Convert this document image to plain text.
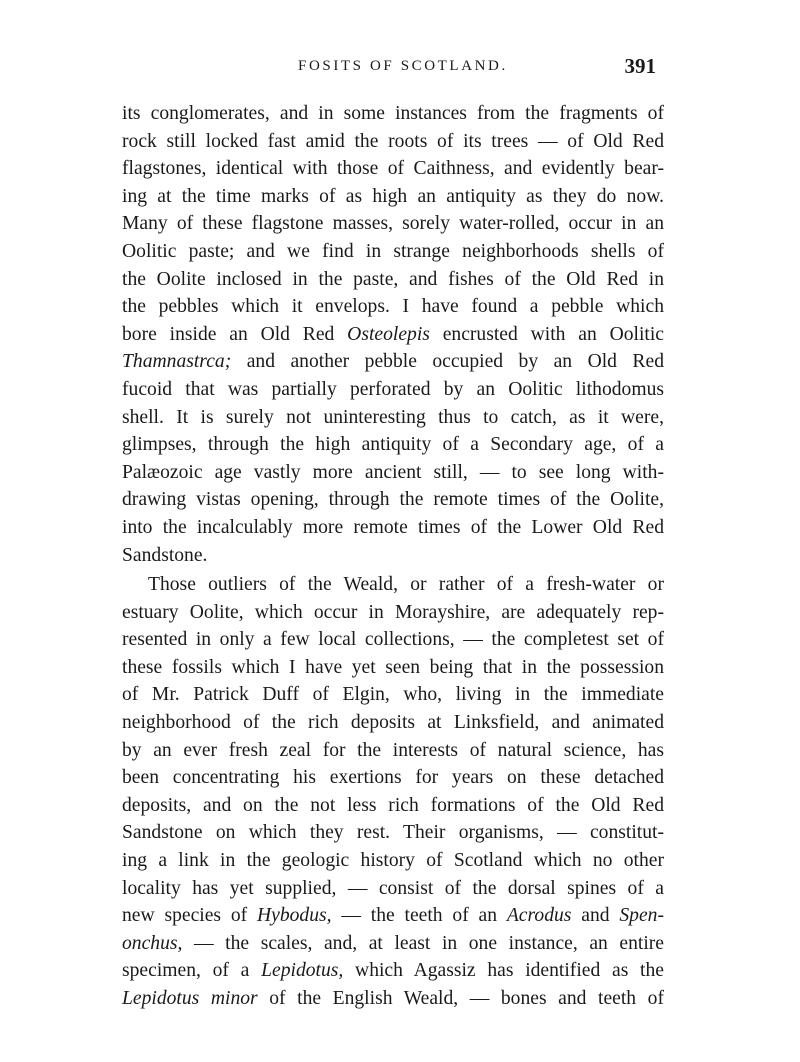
FOSITS OF SCOTLAND.	391
its conglomerates, and in some instances from the fragments of
rock still locked fast amid the roots of its trees — of Old Red
flagstones, identical with those of Caithness, and evidently bear-
ing at the time marks of as high an antiquity as they do now.
Many of these flagstone masses, sorely water-rolled, occur in an
Oolitic paste; and we find in strange neighborhoods shells of
the Oolite inclosed in the paste, and fishes of the Old Red in
the pebbles which it envelops. I have found a pebble which
bore inside an Old Red Osteolepis encrusted with an Oolitic
Thamnastrca; and another pebble occupied by an Old Red
fucoid that was partially perforated by an Oolitic lithodomus
shell. It is surely not uninteresting thus to catch, as it were,
glimpses, through the high antiquity of a Secondary age, of a
Palæozoic age vastly more ancient still, — to see long with-
drawing vistas opening, through the remote times of the Oolite,
into the incalculably more remote times of the Lower Old Red
Sandstone.
Those outliers of the Weald, or rather of a fresh-water or
estuary Oolite, which occur in Morayshire, are adequately rep-
resented in only a few local collections, — the completest set of
these fossils which I have yet seen being that in the possession
of Mr. Patrick Duff of Elgin, who, living in the immediate
neighborhood of the rich deposits at Linksfield, and animated
by an ever fresh zeal for the interests of natural science, has
been concentrating his exertions for years on these detached
deposits, and on the not less rich formations of the Old Red
Sandstone on which they rest. Their organisms, — constitut-
ing a link in the geologic history of Scotland which no other
locality has yet supplied, — consist of the dorsal spines of a
new species of Hybodus, — the teeth of an Acrodus and Spen-
onchus, — the scales, and, at least in one instance, an entire
specimen, of a Lepidotus, which Agassiz has identified as the
Lepidotus minor of the English Weald, — bones and teeth of
